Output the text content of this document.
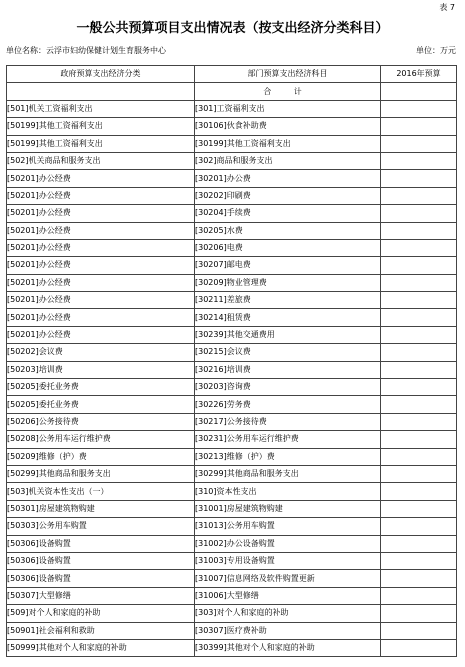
表 7
一般公共预算项目支出情况表（按支出经济分类科目）
单位名称：云浮市妇幼保健计划生育服务中心	单位：万元
政府预算支出经济分类	部门预算支出经济科目	2016年预算
	合 计	
[501]机关工资福利支出	[301]工资福利支出	
[50199]其他工资福利支出	[30106]伙食补助费	
[50199]其他工资福利支出	[30199]其他工资福利支出	
[502]机关商品和服务支出	[302]商品和服务支出	
[50201]办公经费	[30201]办公费	
[50201]办公经费	[30202]印刷费	
[50201]办公经费	[30204]手续费	
[50201]办公经费	[30205]水费	
[50201]办公经费	[30206]电费	
[50201]办公经费	[30207]邮电费	
[50201]办公经费	[30209]物业管理费	
[50201]办公经费	[30211]差旅费	
[50201]办公经费	[30214]租赁费	
[50201]办公经费	[30239]其他交通费用	
[50202]会议费	[30215]会议费	
[50203]培训费	[30216]培训费	
[50205]委托业务费	[30203]咨询费	
[50205]委托业务费	[30226]劳务费	
[50206]公务接待费	[30217]公务接待费	
[50208]公务用车运行维护费	[30231]公务用车运行维护费	
[50209]维修（护）费	[30213]维修（护）费	
[50299]其他商品和服务支出	[30299]其他商品和服务支出	
[503]机关资本性支出（一）	[310]资本性支出	
[50301]房屋建筑物购建	[31001]房屋建筑物购建	
[50303]公务用车购置	[31013]公务用车购置	
[50306]设备购置	[31002]办公设备购置	
[50306]设备购置	[31003]专用设备购置	
[50306]设备购置	[31007]信息网络及软件购置更新	
[50307]大型修缮	[31006]大型修缮	
[509]对个人和家庭的补助	[303]对个人和家庭的补助	
[50901]社会福利和救助	[30307]医疗费补助	
[50999]其他对个人和家庭的补助	[30399]其他对个人和家庭的补助	
